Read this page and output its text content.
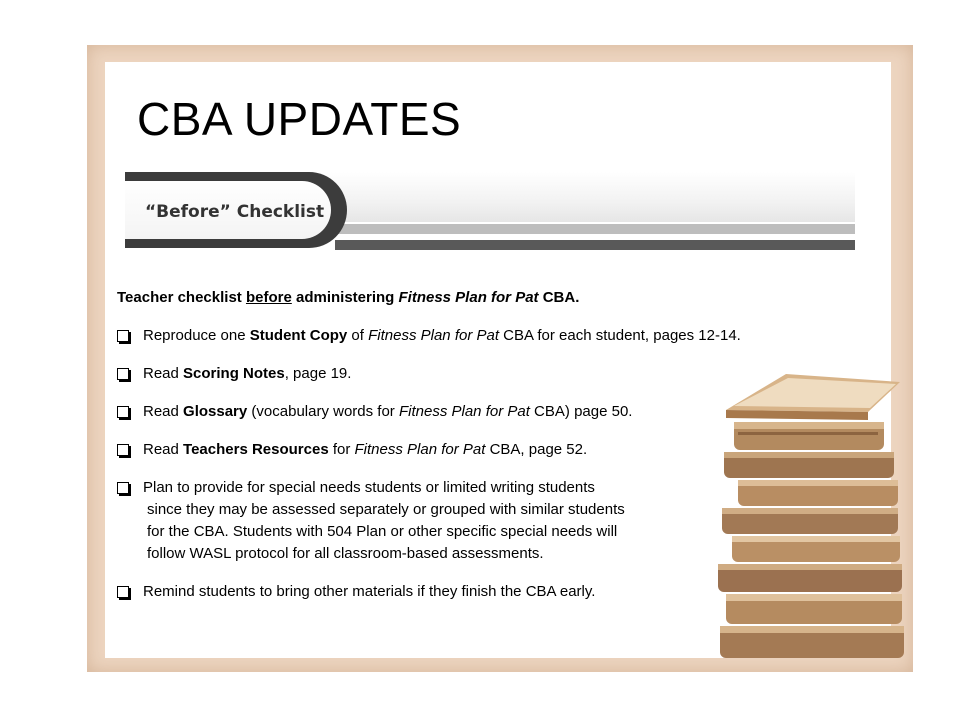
CBA UPDATES
“Before” Checklist

Teacher checklist before administering Fitness Plan for Pat CBA.

Reproduce one Student Copy of Fitness Plan for Pat CBA for each student, pages 12-14.
Read Scoring Notes, page 19.
Read Glossary (vocabulary words for Fitness Plan for Pat CBA) page 50.
Read Teachers Resources for Fitness Plan for Pat CBA, page 52.
Plan to provide for special needs students or limited writing students
since they may be assessed separately or grouped with similar students
for the CBA. Students with 504 Plan or other specific special needs will
follow WASL protocol for all classroom-based assessments.
Remind students to bring other materials if they finish the CBA early.
